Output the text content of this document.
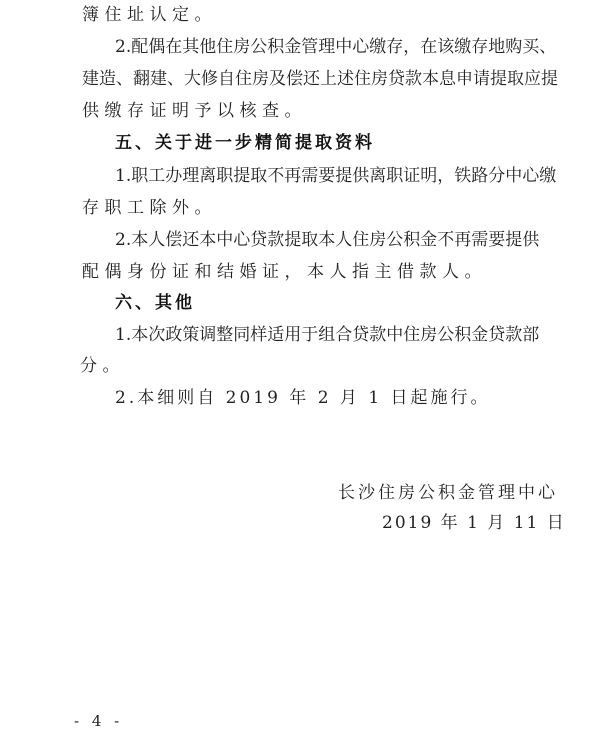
簿住址认定。
2.配偶在其他住房公积金管理中心缴存，在该缴存地购买、
建造、翻建、大修自住房及偿还上述住房贷款本息申请提取应提
供缴存证明予以核查。
五、关于进一步精简提取资料
1.职工办理离职提取不再需要提供离职证明，铁路分中心缴
存职工除外。
2.本人偿还本中心贷款提取本人住房公积金不再需要提供
配偶身份证和结婚证，本人指主借款人。
六、其他
1.本次政策调整同样适用于组合贷款中住房公积金贷款部
分。
2.本细则自 2019 年 2 月 1 日起施行。
长沙住房公积金管理中心
2019 年 1 月 11 日
- 4 -
